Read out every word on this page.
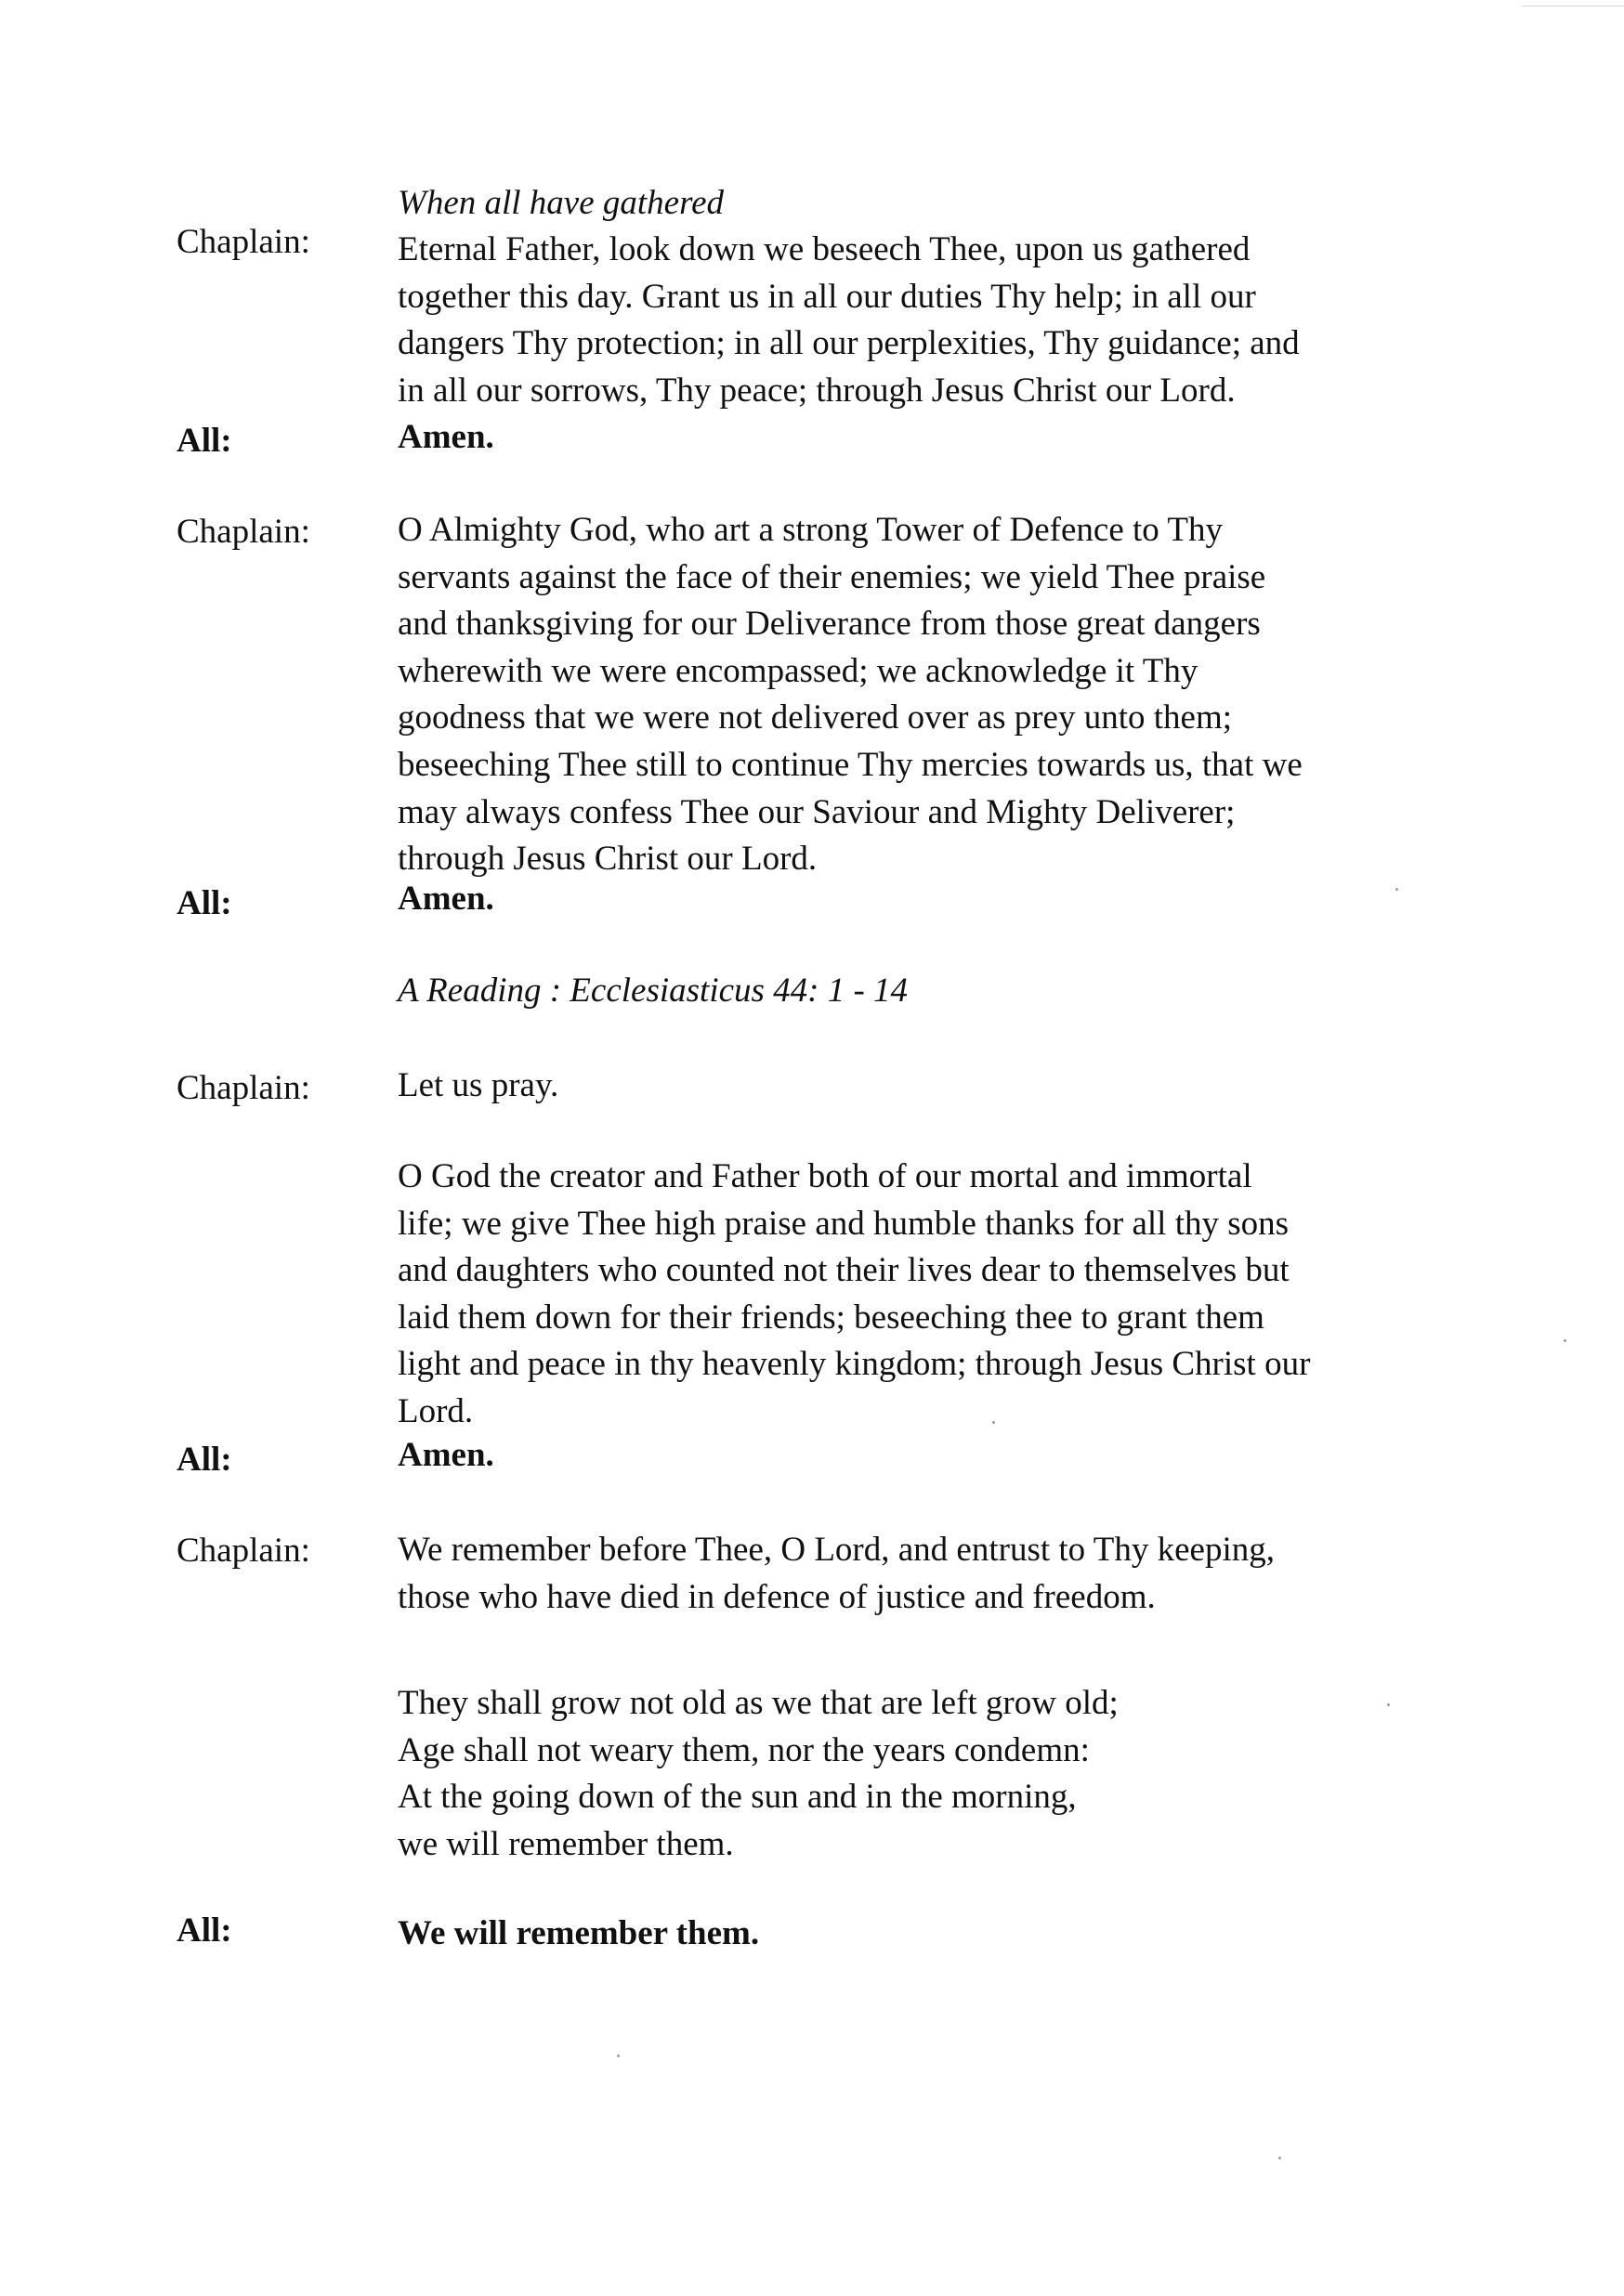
When all have gathered

Chaplain:	Eternal Father, look down we beseech Thee, upon us gathered
together this day. Grant us in all our duties Thy help; in all our
dangers Thy protection; in all our perplexities, Thy guidance; and
in all our sorrows, Thy peace; through Jesus Christ our Lord.

All:	Amen.

Chaplain:	O Almighty God, who art a strong Tower of Defence to Thy
servants against the face of their enemies; we yield Thee praise
and thanksgiving for our Deliverance from those great dangers
wherewith we were encompassed; we acknowledge it Thy
goodness that we were not delivered over as prey unto them;
beseeching Thee still to continue Thy mercies towards us, that we
may always confess Thee our Saviour and Mighty Deliverer;
through Jesus Christ our Lord.

All:	Amen.

A Reading : Ecclesiasticus 44: 1 - 14

Chaplain:	Let us pray.

O God the creator and Father both of our mortal and immortal
life; we give Thee high praise and humble thanks for all thy sons
and daughters who counted not their lives dear to themselves but
laid them down for their friends; beseeching thee to grant them
light and peace in thy heavenly kingdom; through Jesus Christ our
Lord.

All:	Amen.

Chaplain:	We remember before Thee, O Lord, and entrust to Thy keeping,
those who have died in defence of justice and freedom.
They shall grow not old as we that are left grow old;
Age shall not weary them, nor the years condemn:
At the going down of the sun and in the morning,
we will remember them.

All:	We will remember them.
